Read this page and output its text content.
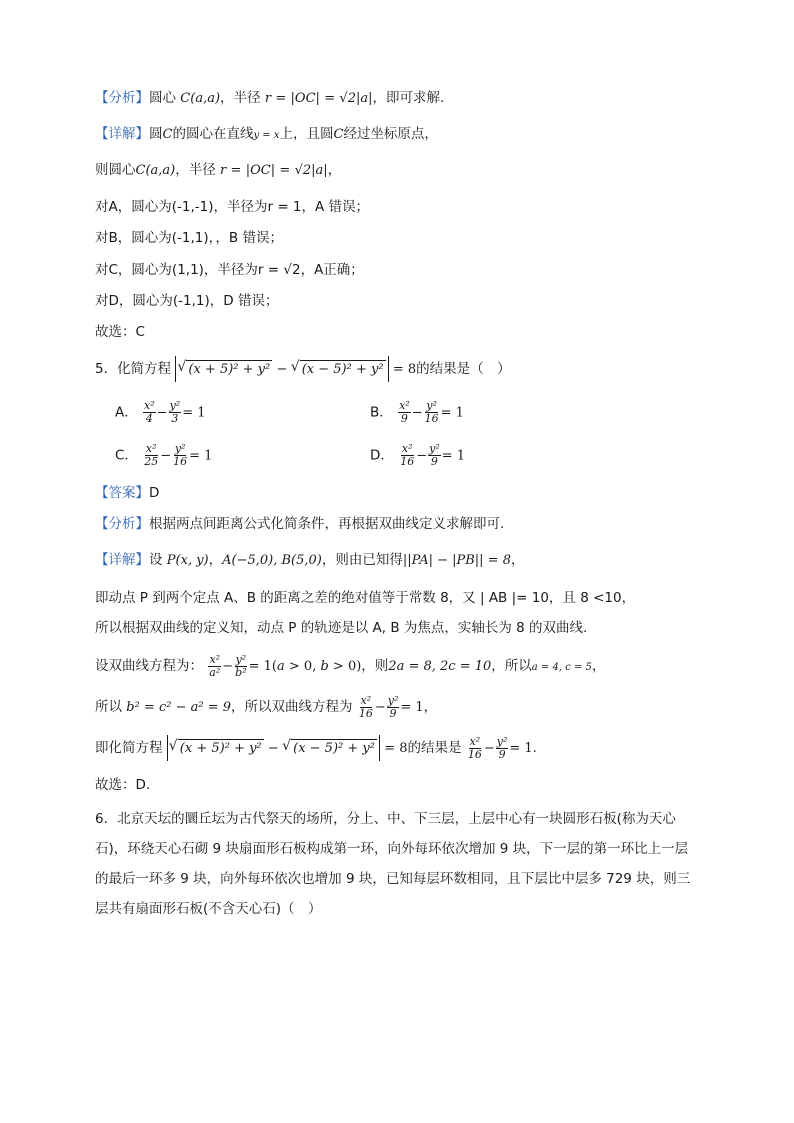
【分析】圆心 C(a,a)，半径 r = |OC| = √2|a|，即可求解.
【详解】圆C的圆心在直线y = x上，且圆C经过坐标原点，
则圆心C(a,a)，半径 r = |OC| = √2|a|，
对A，圆心为(-1,-1)，半径为r = 1，A 错误；
对B，圆心为(-1,1)，，B 错误；
对C，圆心为(1,1)，半径为r = √2，A正确；
对D，圆心为(-1,1)，D 错误；
故选：C
5．化简方程 √ (x + 5)² + y² − √ (x − 5)² + y² = 8的结果是（　）
A． $\frac{\text{x²}}{4} - \frac{\text{y²}}{3} = 1$	B． $\frac{\text{x²}}{9} - \frac{\text{y²}}{16} = 1$
C． $\frac{\text{x²}}{25} - \frac{\text{y²}}{16} = 1$	D． $\frac{\text{x²}}{16} - \frac{\text{y²}}{9} = 1$
【答案】D
【分析】根据两点间距离公式化简条件，再根据双曲线定义求解即可.
【详解】设 P(x, y)，A(−5,0), B(5,0)，则由已知得||PA| − |PB|| = 8，
即动点 P 到两个定点 A、B 的距离之差的绝对值等于常数 8，又 | AB |= 10，且 8 <10，
所以根据双曲线的定义知，动点 P 的轨迹是以 A, B 为焦点，实轴长为 8 的双曲线.
设双曲线方程为： $\frac{\text{x²}}{\text{a²}} - \frac{\text{y²}}{\text{b²}} = 1(a > 0$, b > 0)，则2a = 8, 2c = 10，所以a = 4, c = 5，
所以 b² = c² − a² = 9，所以双曲线方程为 $\frac{\text{x²}}{16} - \frac{\text{y²}}{9} = 1$，
即化简方程 √ (x + 5)² + y² − √ (x − 5)² + y² = 8的结果是 $\frac{\text{x²}}{16} - \frac{\text{y²}}{9} = 1$.
故选：D.
6．北京天坛的圜丘坛为古代祭天的场所，分上、中、下三层，上层中心有一块圆形石板(称为天心
石)，环绕天心石砌 9 块扇面形石板构成第一环，向外每环依次增加 9 块，下一层的第一环比上一层
的最后一环多 9 块，向外每环依次也增加 9 块，已知每层环数相同，且下层比中层多 729 块，则三
层共有扇面形石板(不含天心石)（　）
